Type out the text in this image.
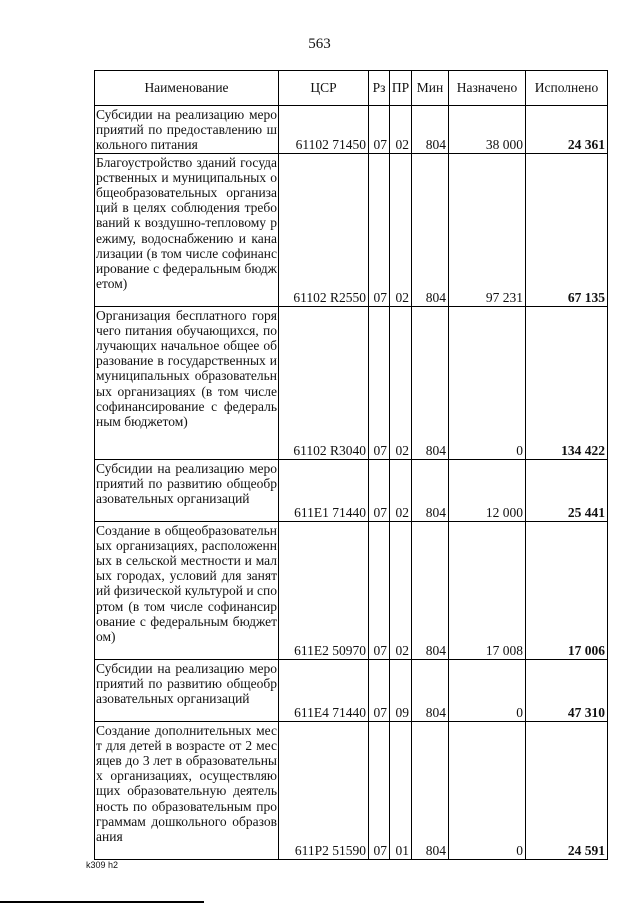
563
Наименование	ЦСР	Рз	ПР	Мин	Назначено	Исполнено
Субсидии на реализацию мероприятий по предоставлению школьного питания	61102 71450	07	02	804	38 000	24 361
Благоустройство зданий государственных и муниципальных общеобразовательных организаций в целях соблюдения требований к воздушно-тепловому режиму, водоснабжению и канализации (в том числе софинансирование с федеральным бюджетом)	61102 R2550	07	02	804	97 231	67 135
Организация бесплатного горячего питания обучающихся, получающих начальное общее образование в государственных и муниципальных образовательных организациях (в том числе софинансирование с федеральным бюджетом)	61102 R3040	07	02	804	0	134 422
Субсидии на реализацию мероприятий по развитию общеобразовательных организаций	611E1 71440	07	02	804	12 000	25 441
Создание в общеобразовательных организациях, расположенных в сельской местности и малых городах, условий для занятий физической культурой и спортом (в том числе софинансирование с федеральным бюджетом)	611E2 50970	07	02	804	17 008	17 006
Субсидии на реализацию мероприятий по развитию общеобразовательных организаций	611E4 71440	07	09	804	0	47 310
Создание дополнительных мест для детей в возрасте от 2 месяцев до 3 лет в образовательных организациях, осуществляющих образовательную деятельность по образовательным программам дошкольного образования	611P2 51590	07	01	804	0	24 591
k309 h2
